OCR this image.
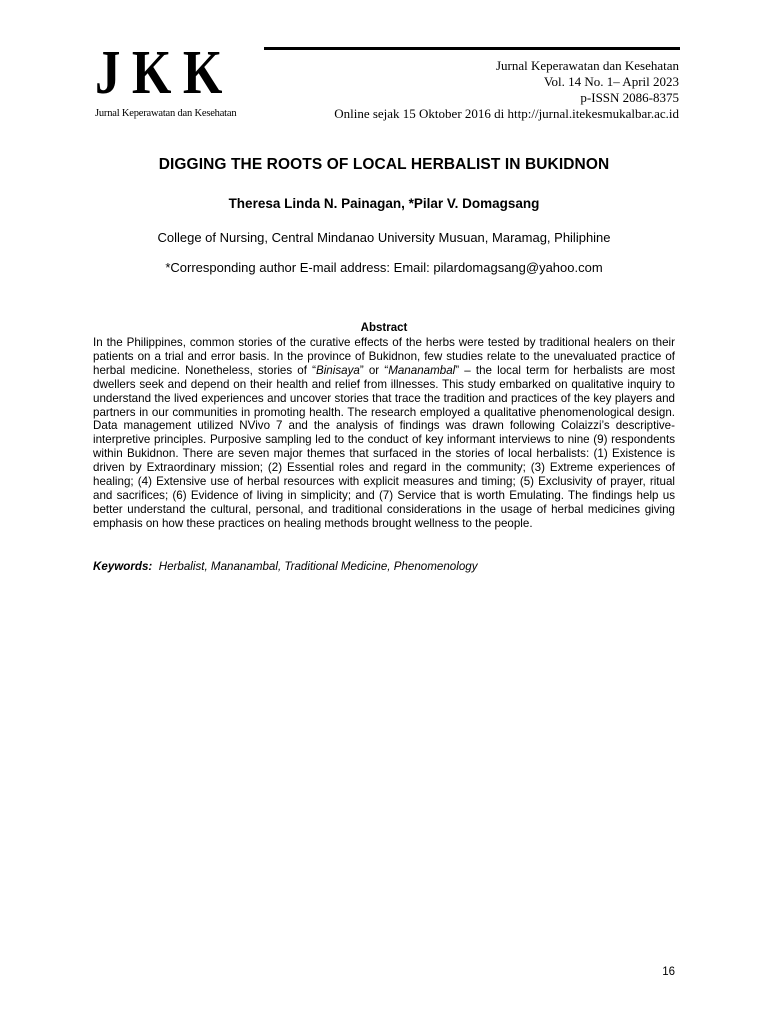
JKK
Jurnal Keperawatan dan Kesehatan
Jurnal Keperawatan dan Kesehatan
Vol. 14 No. 1– April 2023
p-ISSN 2086-8375
Online sejak 15 Oktober 2016 di http://jurnal.itekesmukalbar.ac.id
DIGGING THE ROOTS OF LOCAL HERBALIST IN BUKIDNON
Theresa Linda N. Painagan, *Pilar V. Domagsang
College of Nursing, Central Mindanao University Musuan, Maramag, Philiphine
*Corresponding author E-mail address: Email: pilardomagsang@yahoo.com
Abstract
In the Philippines, common stories of the curative effects of the herbs were tested by traditional healers on their patients on a trial and error basis. In the province of Bukidnon, few studies relate to the unevaluated practice of herbal medicine. Nonetheless, stories of “Binisaya” or “Mananambal” – the local term for herbalists are most dwellers seek and depend on their health and relief from illnesses. This study embarked on qualitative inquiry to understand the lived experiences and uncover stories that trace the tradition and practices of the key players and partners in our communities in promoting health. The research employed a qualitative phenomenological design. Data management utilized NVivo 7 and the analysis of findings was drawn following Colaizzi’s descriptive-interpretive principles. Purposive sampling led to the conduct of key informant interviews to nine (9) respondents within Bukidnon. There are seven major themes that surfaced in the stories of local herbalists: (1) Existence is driven by Extraordinary mission; (2) Essential roles and regard in the community; (3) Extreme experiences of healing; (4) Extensive use of herbal resources with explicit measures and timing; (5) Exclusivity of prayer, ritual and sacrifices; (6) Evidence of living in simplicity; and (7) Service that is worth Emulating. The findings help us better understand the cultural, personal, and traditional considerations in the usage of herbal medicines giving emphasis on how these practices on healing methods brought wellness to the people.
Keywords: Herbalist, Mananambal, Traditional Medicine, Phenomenology
16
